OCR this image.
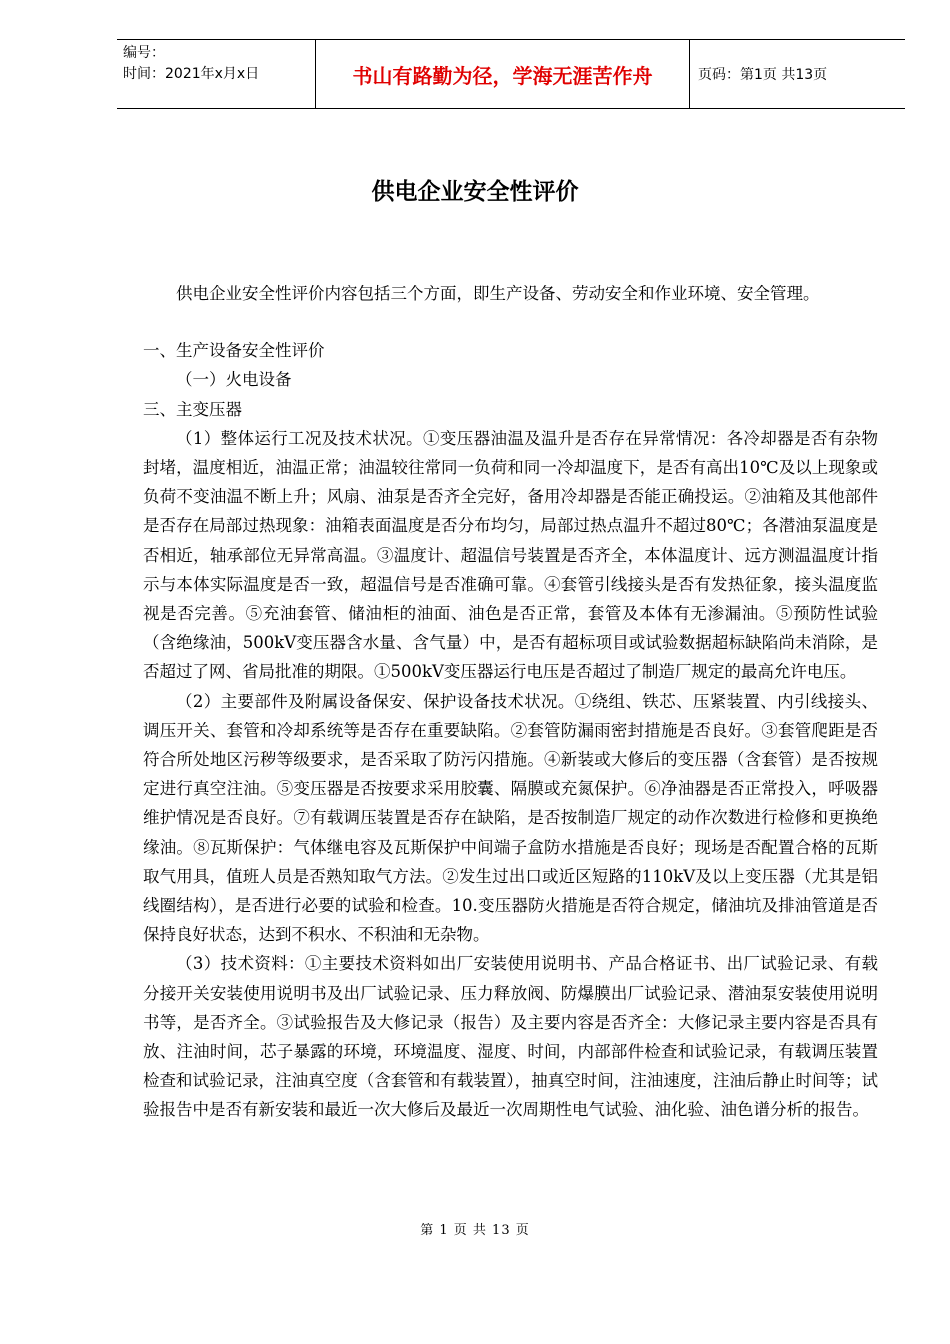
编号：
时间：2021年x月x日	书山有路勤为径，学海无涯苦作舟	页码：第1页 共13页
供电企业安全性评价

供电企业安全性评价内容包括三个方面，即生产设备、劳动安全和作业环境、安全管理。

一、生产设备安全性评价

（一）火电设备

三、主变压器

（1）整体运行工况及技术状况。①变压器油温及温升是否存在异常情况：各冷却器是否有杂物封堵，温度相近，油温正常；油温较往常同一负荷和同一冷却温度下，是否有高出10℃及以上现象或负荷不变油温不断上升；风扇、油泵是否齐全完好，备用冷却器是否能正确投运。②油箱及其他部件是否存在局部过热现象：油箱表面温度是否分布均匀，局部过热点温升不超过80℃；各潜油泵温度是否相近，轴承部位无异常高温。③温度计、超温信号装置是否齐全，本体温度计、远方测温温度计指示与本体实际温度是否一致，超温信号是否准确可靠。④套管引线接头是否有发热征象，接头温度监视是否完善。⑤充油套管、储油柜的油面、油色是否正常，套管及本体有无渗漏油。⑤预防性试验（含绝缘油，500kV变压器含水量、含气量）中，是否有超标项目或试验数据超标缺陷尚未消除，是否超过了网、省局批准的期限。①500kV变压器运行电压是否超过了制造厂规定的最高允许电压。

（2）主要部件及附属设备保安、保护设备技术状况。①绕组、铁芯、压紧装置、内引线接头、调压开关、套管和冷却系统等是否存在重要缺陷。②套管防漏雨密封措施是否良好。③套管爬距是否符合所处地区污秽等级要求，是否采取了防污闪措施。④新装或大修后的变压器（含套管）是否按规定进行真空注油。⑤变压器是否按要求采用胶囊、隔膜或充氮保护。⑥净油器是否正常投入，呼吸器维护情况是否良好。⑦有载调压装置是否存在缺陷，是否按制造厂规定的动作次数进行检修和更换绝缘油。⑧瓦斯保护：气体继电容及瓦斯保护中间端子盒防水措施是否良好；现场是否配置合格的瓦斯取气用具，值班人员是否熟知取气方法。②发生过出口或近区短路的110kV及以上变压器（尤其是铝线圈结构），是否进行必要的试验和检查。10.变压器防火措施是否符合规定，储油坑及排油管道是否保持良好状态，达到不积水、不积油和无杂物。

（3）技术资料：①主要技术资料如出厂安装使用说明书、产品合格证书、出厂试验记录、有载分接开关安装使用说明书及出厂试验记录、压力释放阀、防爆膜出厂试验记录、潜油泵安装使用说明书等，是否齐全。③试验报告及大修记录（报告）及主要内容是否齐全：大修记录主要内容是否具有放、注油时间，芯子暴露的环境，环境温度、湿度、时间，内部部件检查和试验记录，有载调压装置检查和试验记录，注油真空度（含套管和有载装置），抽真空时间，注油速度，注油后静止时间等；试验报告中是否有新安装和最近一次大修后及最近一次周期性电气试验、油化验、油色谱分析的报告。

第 1 页 共 13 页
